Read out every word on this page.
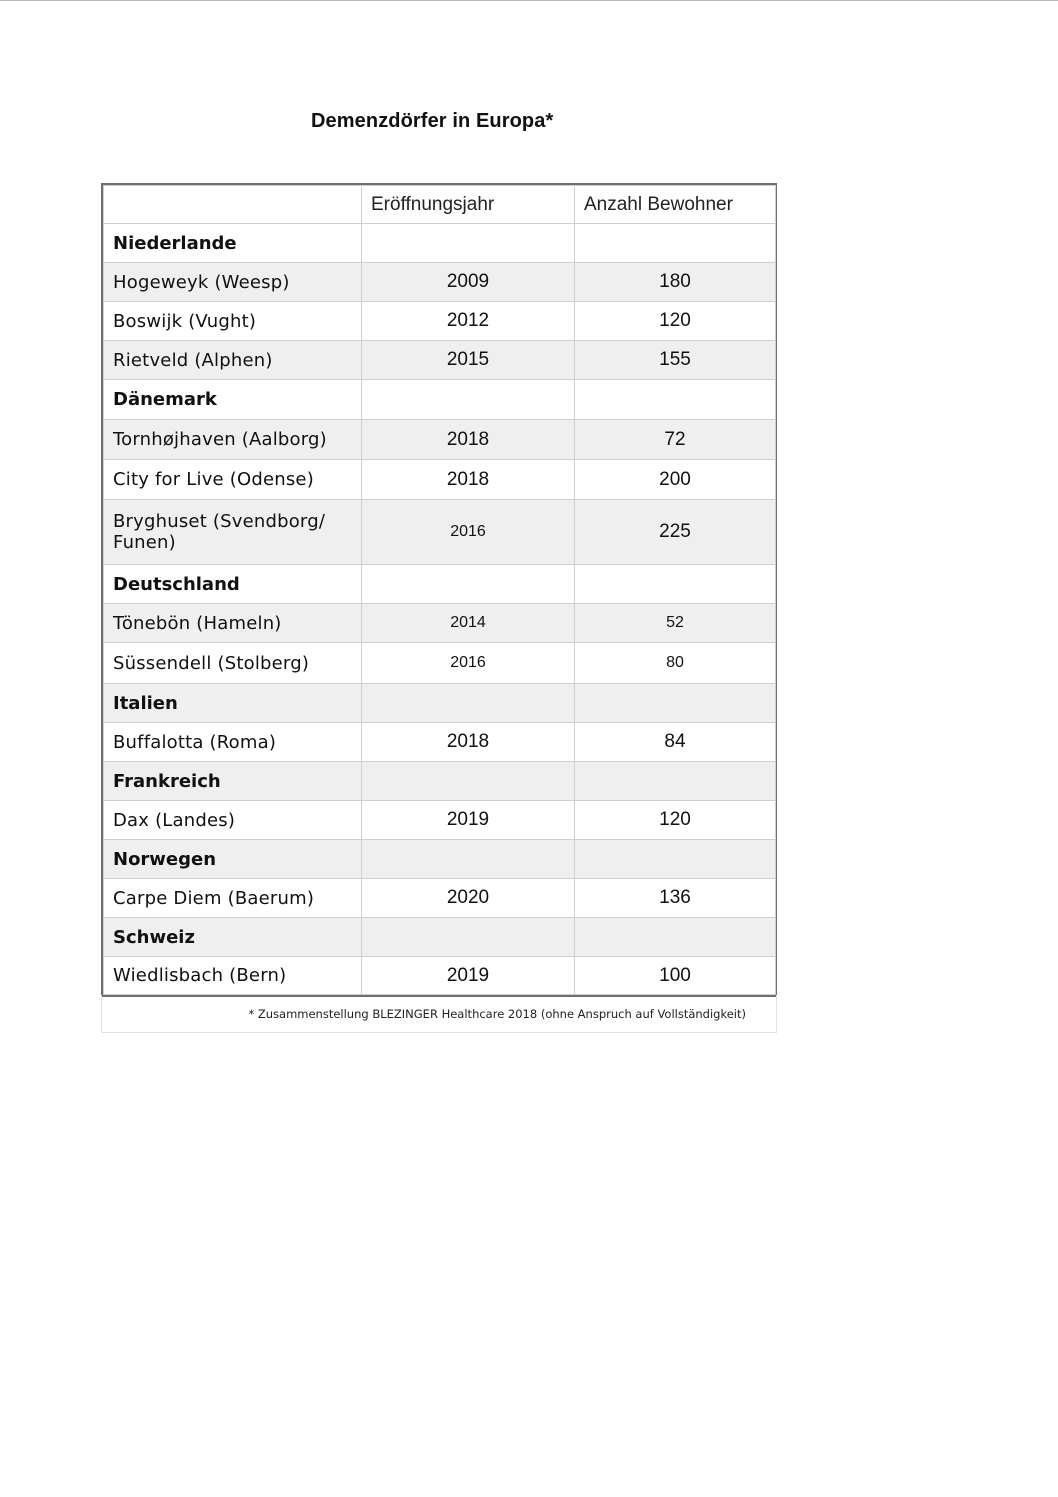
Demenzdörfer in Europa*
	Eröffnungsjahr	Anzahl Bewohner
Niederlande		
Hogeweyk (Weesp)	2009	180
Boswijk (Vught)	2012	120
Rietveld (Alphen)	2015	155
Dänemark		
Tornhøjhaven (Aalborg)	2018	72
City for Live (Odense)	2018	200
Bryghuset (Svendborg/ Funen)	2016	225
Deutschland		
Tönebön (Hameln)	2014	52
Süssendell (Stolberg)	2016	80
Italien		
Buffalotta (Roma)	2018	84
Frankreich		
Dax (Landes)	2019	120
Norwegen		
Carpe Diem (Baerum)	2020	136
Schweiz		
Wiedlisbach (Bern)	2019	100
* Zusammenstellung BLEZINGER Healthcare 2018 (ohne Anspruch auf Vollständigkeit)
